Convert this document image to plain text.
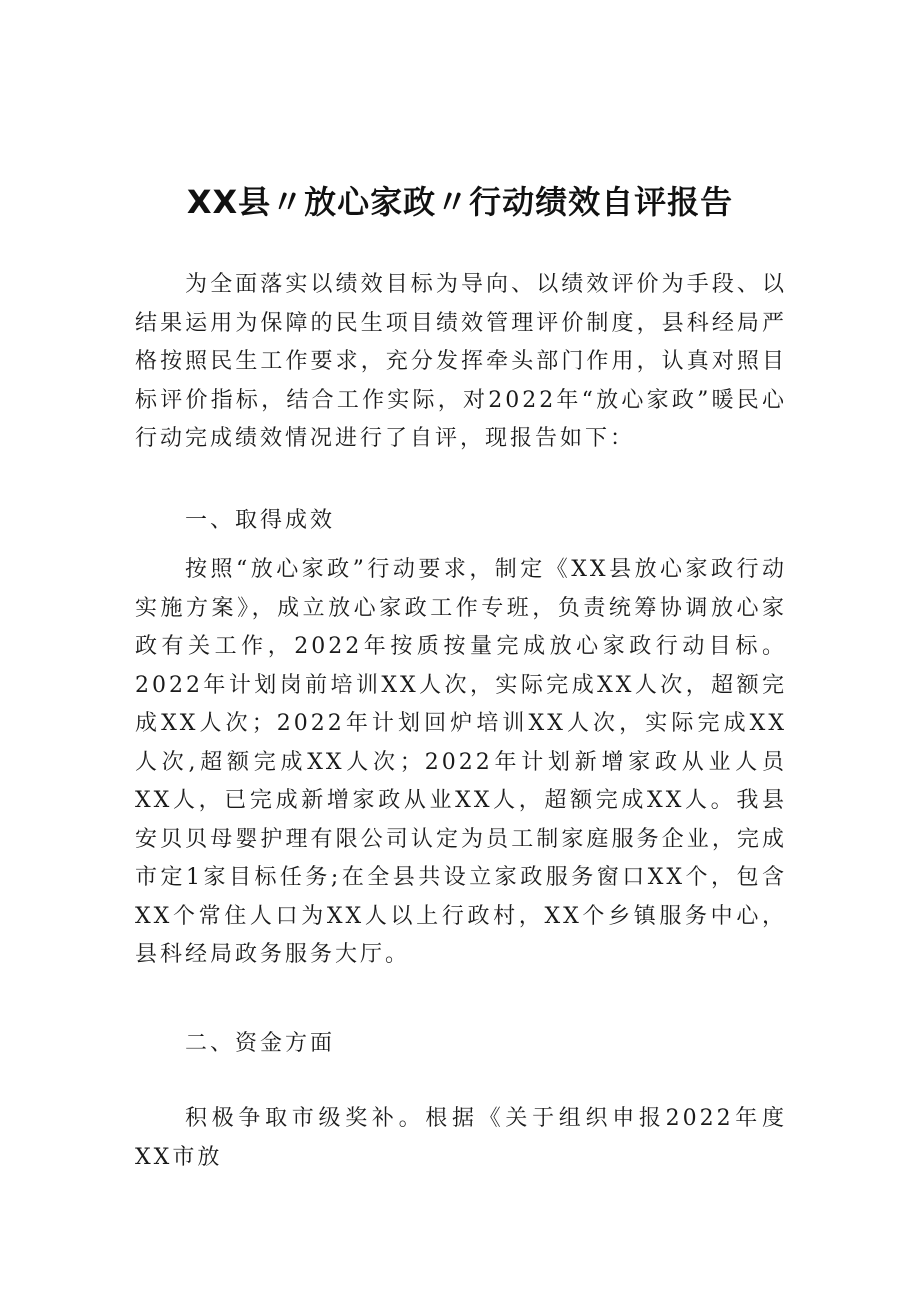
XX县〃放心家政〃行动绩效自评报告

为全面落实以绩效目标为导向、以绩效评价为手段、以结果运用为保障的民生项目绩效管理评价制度，县科经局严格按照民生工作要求，充分发挥牵头部门作用，认真对照目标评价指标，结合工作实际，对2022年“放心家政”暖民心行动完成绩效情况进行了自评，现报告如下：

一、取得成效

按照“放心家政”行动要求，制定《XX县放心家政行动实施方案》，成立放心家政工作专班，负责统筹协调放心家政有关工作，2022年按质按量完成放心家政行动目标。2022年计划岗前培训XX人次，实际完成XX人次，超额完成XX人次；2022年计划回炉培训XX人次，实际完成XX人次,超额完成XX人次；2022年计划新增家政从业人员XX人，已完成新增家政从业XX人，超额完成XX人。我县安贝贝母婴护理有限公司认定为员工制家庭服务企业，完成市定1家目标任务;在全县共设立家政服务窗口XX个，包含XX个常住人口为XX人以上行政村，XX个乡镇服务中心，县科经局政务服务大厅。

二、资金方面

积极争取市级奖补。根据《关于组织申报2022年度XX市放
